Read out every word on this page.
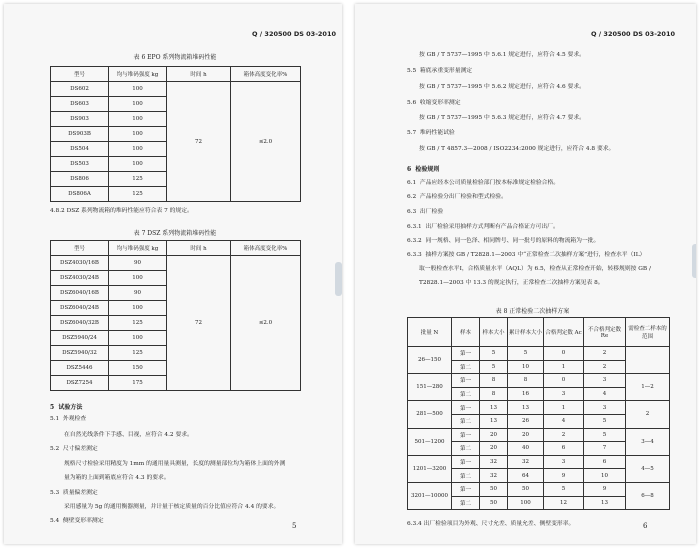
Q / 320500 DS 03-2010
表 6 EPO 系列物流箱堆码性能
型号	均与堆码强度 kg	时间 h	箱体高度变化率%
DS602	100	72	≤2.0
DS603	100		
DS903	100		
DS903B	100		
DS504	100		
DS503	100		
DS806	125		
DS806A	125		
4.8.2 DSZ 系列物流箱的堆码性能应符合表 7 的规定。
表 7 DSZ 系列物流箱堆码性能
型号	均与堆码强度 kg	时间 h	箱体高度变化率%
DSZ4030/16B	90	72	≤2.0
DSZ4030/24B	100		
DSZ6040/16B	90		
DSZ6040/24B	100		
DSZ6040/32B	125		
DSZ5940/24	100		
DSZ5940/32	125		
DSZ5446	150		
DSZ7254	175		
5 试验方法
5.1 外观检查
在自然光线条件下手感、目视，应符合 4.2 要求。
5.2 尺寸偏差测定
规格尺寸检验采用精度为 1mm 的通用量具测量，长度的测量部位均为箱体上面的外测
量为箱的上面到箱底应符合 4.3 的要求。
5.3 质量偏差测定
采用感量为 5g 的通用衡器测量，并计量于核定质量的百分比值应符合 4.4 的要求。
5.4 侧壁变形率测定
5
Q / 320500 DS 03-2010
按 GB / T 5737—1995 中 5.6.1 规定进行，应符合 4.5 要求。
5.5 箱底承重变形量测定
按 GB / T 5737—1995 中 5.6.2 规定进行，应符合 4.6 要求。
5.6 收缩变形率测定
按 GB / T 5737—1995 中 5.6.3 规定进行，应符合 4.7 要求。
5.7 堆码性能试验
按 GB / T 4857.3—2008 / ISO2234:2000 规定进行，应符合 4.8 要求。
6 检验规则
6.1 产品应经本公司质量检验部门按本标准规定检验合格。
6.2 产品检验分出厂检验和型式检验。
6.3 出厂检验
6.3.1 出厂检验采用抽样方式判断有产品合格证方可出厂。
6.3.2 同一规格、同一色泽、相同牌号、同一批号的原料的物流箱为一批。
6.3.3 抽样方案按 GB / T2828.1—2003 中“正常检查二次抽样方案”进行，检查水平（IL）
取一般检查水平Ⅰ，合格质量水平（AQL）为 6.5，检查从正常检查开始，转移规则按 GB /
T2828.1—2003 中 13.3 的规定执行，正常检查二次抽样方案见表 8。
表 8 正常检验二次抽样方案
批量 N	样本	样本大小	累计样本大小	合格判定数 Ac	不合格判定数 Re	需检查二样本的范围
26—150	第一	5	5	0	2	
	第二	5	10	1	2	
151—280	第一	8	8	0	3	1—2
	第二	8	16	3	4	
281—500	第一	13	13	1	3	2
	第二	13	26	4	5	
501—1200	第一	20	20	2	5	3—4
	第二	20	40	6	7	
1201—3200	第一	32	32	3	6	4—5
	第二	32	64	9	10	
3201—10000	第一	50	50	5	9	6—8
	第二	50	100	12	13	
6.3.4 出厂检验项目为外观、尺寸允差、质量允差、侧壁变形率。	6
